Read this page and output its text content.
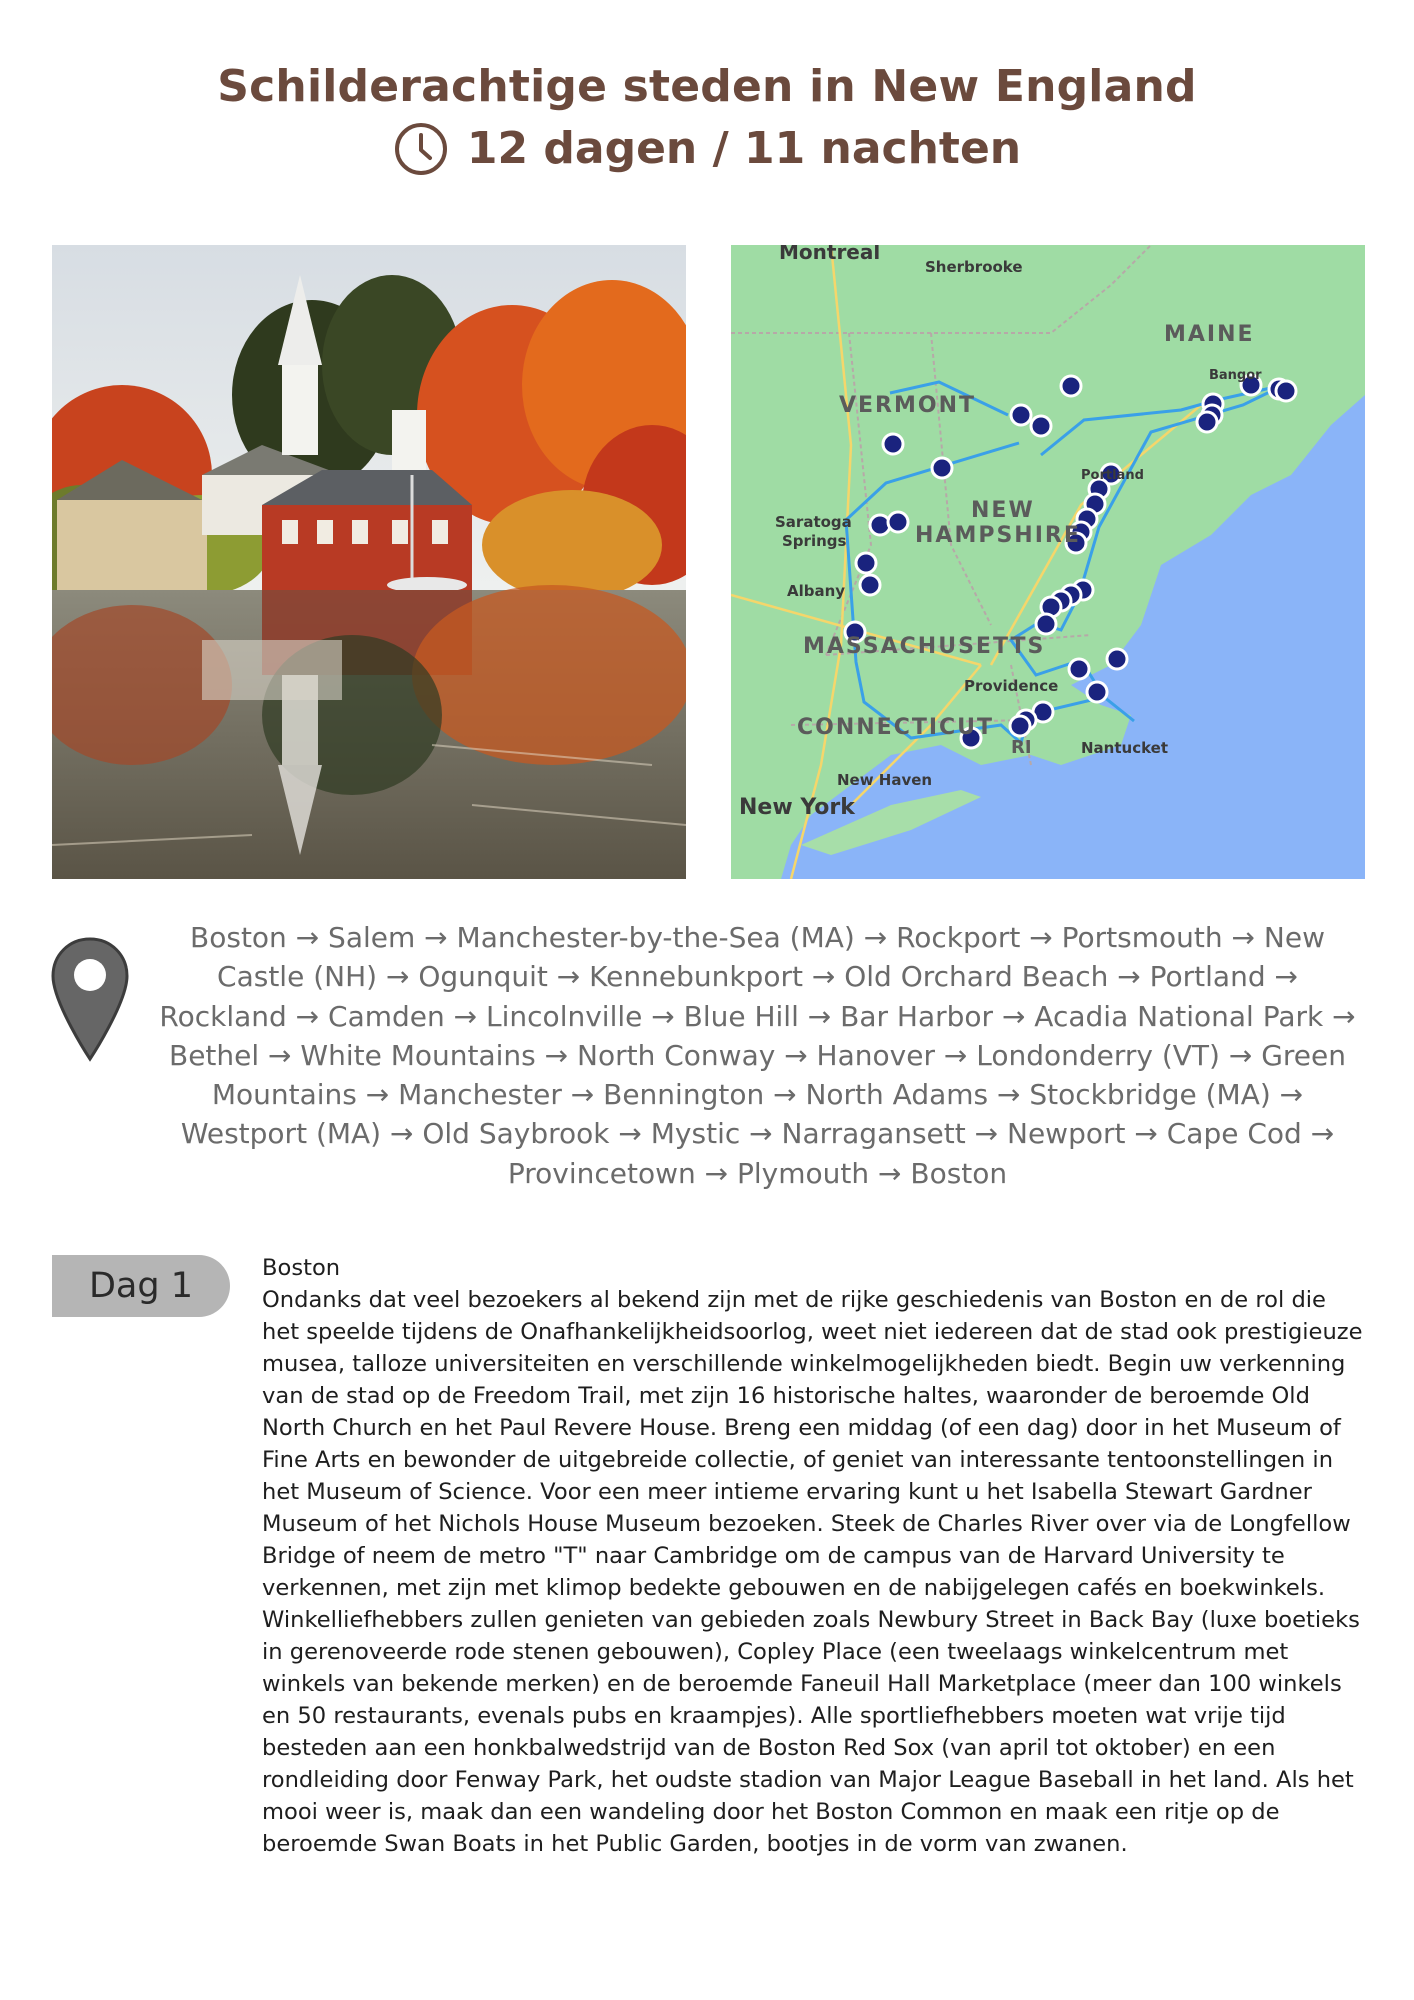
Schilderachtige steden in New England
12 dagen / 11 nachten
Montreal
Sherbrooke
MAINE
Bangor
VERMONT
NEW
HAMPSHIRE
Portland
Saratoga
Springs
Albany
MASSACHUSETTS
Providence
CONNECTICUT
RI	Nantucket
New Haven
New York
Boston → Salem → Manchester-by-the-Sea (MA) → Rockport → Portsmouth → New Castle (NH) → Ogunquit → Kennebunkport → Old Orchard Beach → Portland → Rockland → Camden → Lincolnville → Blue Hill → Bar Harbor → Acadia National Park → Bethel → White Mountains → North Conway → Hanover → Londonderry (VT) → Green Mountains → Manchester → Bennington → North Adams → Stockbridge (MA) → Westport (MA) → Old Saybrook → Mystic → Narragansett → Newport → Cape Cod → Provincetown → Plymouth → Boston
Dag 1	Boston
Ondanks dat veel bezoekers al bekend zijn met de rijke geschiedenis van Boston en de rol die het speelde tijdens de Onafhankelijkheidsoorlog, weet niet iedereen dat de stad ook prestigieuze musea, talloze universiteiten en verschillende winkelmogelijkheden biedt. Begin uw verkenning van de stad op de Freedom Trail, met zijn 16 historische haltes, waaronder de beroemde Old North Church en het Paul Revere House. Breng een middag (of een dag) door in het Museum of Fine Arts en bewonder de uitgebreide collectie, of geniet van interessante tentoonstellingen in het Museum of Science. Voor een meer intieme ervaring kunt u het Isabella Stewart Gardner Museum of het Nichols House Museum bezoeken. Steek de Charles River over via de Longfellow Bridge of neem de metro "T" naar Cambridge om de campus van de Harvard University te verkennen, met zijn met klimop bedekte gebouwen en de nabijgelegen cafés en boekwinkels. Winkelliefhebbers zullen genieten van gebieden zoals Newbury Street in Back Bay (luxe boetieks in gerenoveerde rode stenen gebouwen), Copley Place (een tweelaags winkelcentrum met winkels van bekende merken) en de beroemde Faneuil Hall Marketplace (meer dan 100 winkels en 50 restaurants, evenals pubs en kraampjes). Alle sportliefhebbers moeten wat vrije tijd besteden aan een honkbalwedstrijd van de Boston Red Sox (van april tot oktober) en een rondleiding door Fenway Park, het oudste stadion van Major League Baseball in het land. Als het mooi weer is, maak dan een wandeling door het Boston Common en maak een ritje op de beroemde Swan Boats in het Public Garden, bootjes in de vorm van zwanen.
